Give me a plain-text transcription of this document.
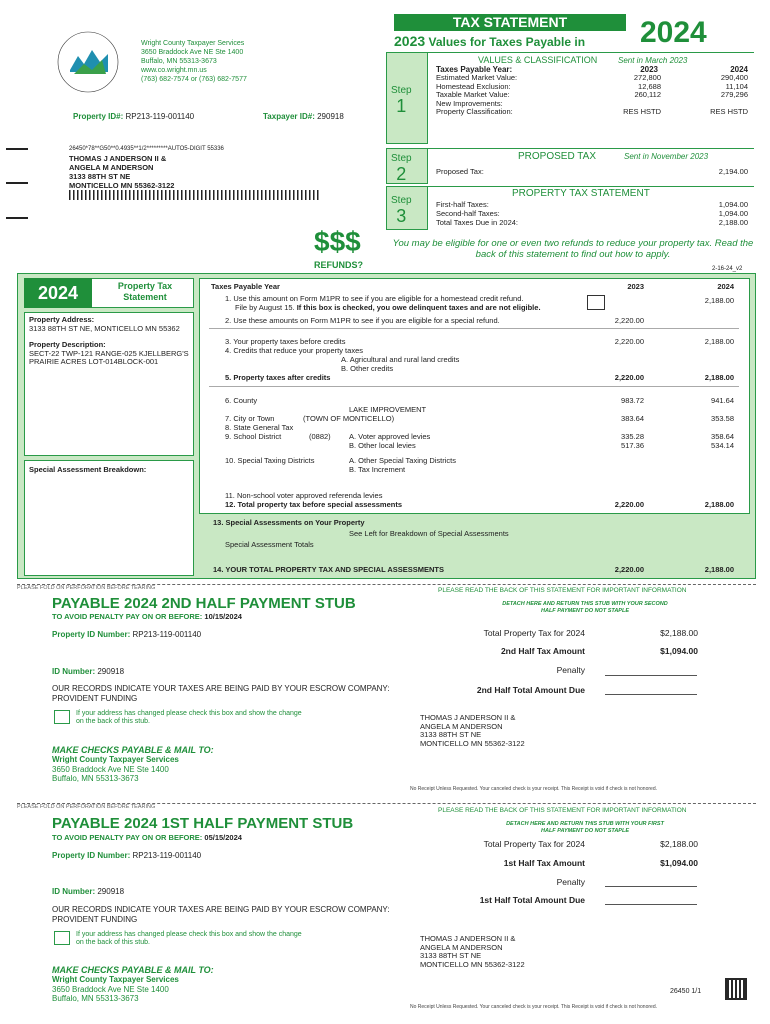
Wright County Taxpayer Services
3650 Braddock Ave NE Ste 1400
Buffalo, MN 55313-3673
www.co.wright.mn.us
(763) 682-7574 or (763) 682-7577
Property ID#: RP213-119-001140	Taxpayer ID#: 290918
26450*78**G50**0.4935**1/2*********AUTO5-DIGIT 55336
THOMAS J ANDERSON II &
ANGELA M ANDERSON
3133 88TH ST NE
MONTICELLO MN 55362-3122
TAX STATEMENT	2024
2023 Values for Taxes Payable in
Step
1
VALUES & CLASSIFICATION	Sent in March 2023
Taxes Payable Year:	2023	2024
Estimated Market Value:	272,800	290,400
Homestead Exclusion:	12,688	11,104
Taxable Market Value:	260,112	279,296
New Improvements:
Property Classification:	RES HSTD	RES HSTD
Step
2
PROPOSED TAX	Sent in November 2023
Proposed Tax:	2,194.00
Step
3
PROPERTY TAX STATEMENT
First-half Taxes:	1,094.00
Second-half Taxes:	1,094.00
Total Taxes Due in 2024:	2,188.00
$$$
REFUNDS?
You may be eligible for one or even two refunds to reduce your property tax. Read the back of this statement to find out how to apply.
2-16-24_v2
2024	Property Tax Statement
Property Address:
3133 88TH ST NE, MONTICELLO MN 55362
Property Description:
SECT-22 TWP-121 RANGE-025 KJELLBERG'S PRAIRIE ACRES LOT-014BLOCK-001
Special Assessment Breakdown:
Taxes Payable Year	2023	2024
1. Use this amount on Form M1PR to see if you are eligible for a homestead credit refund.
File by August 15. If this box is checked, you owe delinquent taxes and are not eligible.
2,188.00
2. Use these amounts on Form M1PR to see if you are eligible for a special refund.	2,220.00
3. Your property taxes before credits	2,220.00	2,188.00
4. Credits that reduce your property taxes
A. Agricultural and rural land credits
B. Other credits
5. Property taxes after credits	2,220.00	2,188.00
6. County	983.72	941.64
LAKE IMPROVEMENT
7. City or Town	(TOWN OF MONTICELLO)	383.64	353.58
8. State General Tax
9. School District	(0882) A. Voter approved levies	335.28	358.64
B. Other local levies	517.36	534.14
10. Special Taxing Districts	A. Other Special Taxing Districts
B. Tax Increment
11. Non-school voter approved referenda levies
12. Total property tax before special assessments	2,220.00	2,188.00
13. Special Assessments on Your Property
See Left for Breakdown of Special Assessments
Special Assessment Totals
14. YOUR TOTAL PROPERTY TAX AND SPECIAL ASSESSMENTS	2,220.00	2,188.00
PLEASE FOLD ON PERFORATION BEFORE TEARING	PLEASE READ THE BACK OF THIS STATEMENT FOR IMPORTANT INFORMATION
PAYABLE 2024 2ND HALF PAYMENT STUB
TO AVOID PENALTY PAY ON OR BEFORE: 10/15/2024
DETACH HERE AND RETURN THIS STUB WITH YOUR SECOND HALF PAYMENT DO NOT STAPLE
Property ID Number: RP213-119-001140	Total Property Tax for 2024	$2,188.00
2nd Half Tax Amount	$1,094.00
Penalty
ID Number: 290918
2nd Half Total Amount Due
OUR RECORDS INDICATE YOUR TAXES ARE BEING PAID BY YOUR ESCROW COMPANY: PROVIDENT FUNDING
If your address has changed please check this box and show the change on the back of this stub.	THOMAS J ANDERSON II &
ANGELA M ANDERSON
3133 88TH ST NE
MONTICELLO MN 55362-3122
MAKE CHECKS PAYABLE & MAIL TO:
Wright County Taxpayer Services
3650 Braddock Ave NE Ste 1400
Buffalo, MN 55313-3673
No Receipt Unless Requested. Your canceled check is your receipt. This Receipt is void if check is not honored.
PLEASE FOLD ON PERFORATION BEFORE TEARING	PLEASE READ THE BACK OF THIS STATEMENT FOR IMPORTANT INFORMATION
PAYABLE 2024 1ST HALF PAYMENT STUB
TO AVOID PENALTY PAY ON OR BEFORE: 05/15/2024
DETACH HERE AND RETURN THIS STUB WITH YOUR FIRST HALF PAYMENT DO NOT STAPLE
Property ID Number: RP213-119-001140
Total Property Tax for 2024	$2,188.00
1st Half Tax Amount	$1,094.00
Penalty
ID Number: 290918
1st Half Total Amount Due
OUR RECORDS INDICATE YOUR TAXES ARE BEING PAID BY YOUR ESCROW COMPANY: PROVIDENT FUNDING
If your address has changed please check this box and show the change on the back of this stub.	THOMAS J ANDERSON II &
ANGELA M ANDERSON
3133 88TH ST NE
MONTICELLO MN 55362-3122
MAKE CHECKS PAYABLE & MAIL TO:
Wright County Taxpayer Services
3650 Braddock Ave NE Ste 1400
Buffalo, MN 55313-3673
26450 1/1
No Receipt Unless Requested. Your canceled check is your receipt. This Receipt is void if check is not honored.
